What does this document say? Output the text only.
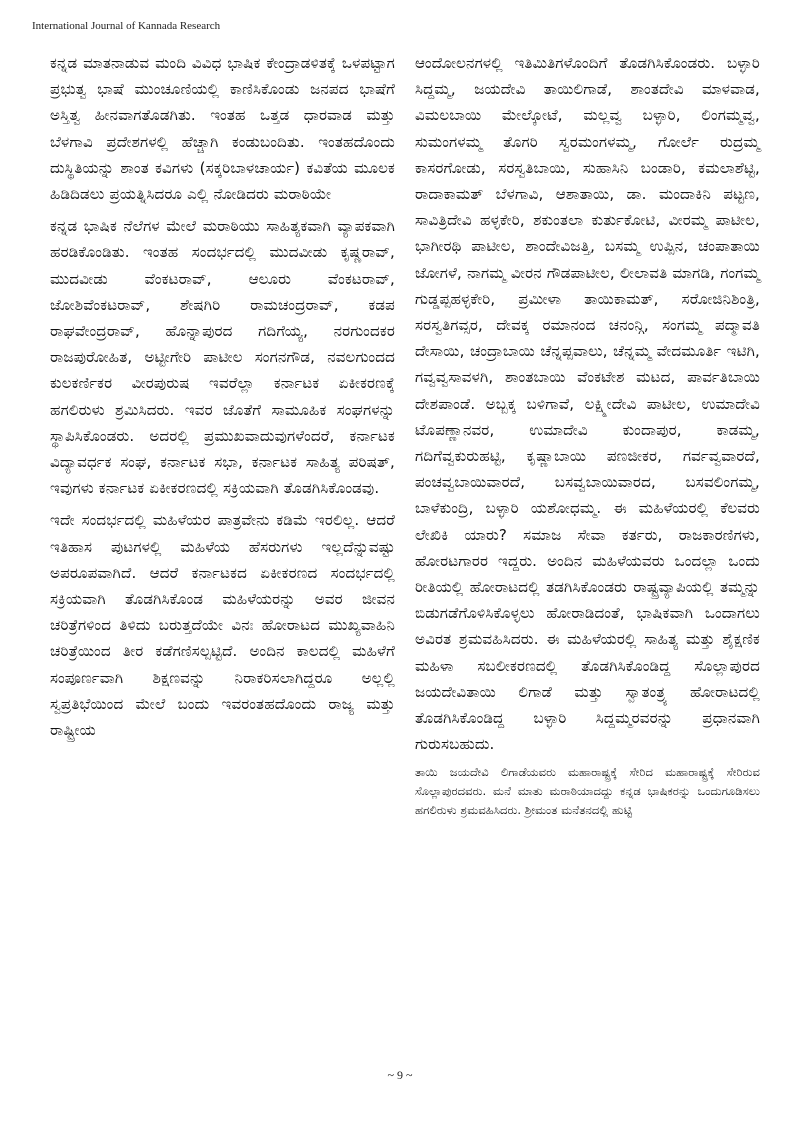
International Journal of Kannada Research

ಕನ್ನಡ ಮಾತನಾಡುವ ಮಂದಿ ವಿವಿಧ ಭಾಷಿಕ ಕೇಂದ್ರಾಡಳಿತಕ್ಕೆ ಒಳಪಟ್ಟಾಗ ಪ್ರಭುತ್ವ ಭಾಷೆ ಮುಂಚೂಣಿಯಲ್ಲಿ ಕಾಣಿಸಿಕೊಂಡು ಜನಪದ ಭಾಷೆಗೆ ಅಸ್ತಿತ್ವ ಹೀನವಾಗತೊಡಗಿತು. ಇಂತಹ ಒತ್ತಡ ಧಾರವಾಡ ಮತ್ತು ಬೆಳಗಾವಿ ಪ್ರದೇಶಗಳಲ್ಲಿ ಹೆಚ್ಚಾಗಿ ಕಂಡುಬಂದಿತು. ಇಂತಹದೊಂದು ದುಸ್ಥಿತಿಯನ್ನು ಶಾಂತ ಕವಿಗಳು (ಸಕ್ಕರಿಬಾಳಚಾರ್ಯ) ಕವಿತೆಯ ಮೂಲಕ ಹಿಡಿದಿಡಲು ಪ್ರಯತ್ನಿಸಿದರೂ ಎಲ್ಲಿ ನೋಡಿದರು ಮರಾಠಿಯೇ

ಕನ್ನಡ ಭಾಷಿಕ ನೆಲೆಗಳ ಮೇಲೆ ಮರಾಠಿಯು ಸಾಹಿತ್ಯಕವಾಗಿ ವ್ಯಾಪಕವಾಗಿ ಹರಡಿಕೊಂಡಿತು. ಇಂತಹ ಸಂದರ್ಭದಲ್ಲಿ ಮುದವೀಡು ಕೃಷ್ಣರಾವ್, ಮುದವೀಡು ವೆಂಕಟರಾವ್, ಆಲೂರು ವೆಂಕಟರಾವ್, ಜೋಶಿವೆಂಕಟರಾವ್, ಶೇಷಗಿರಿ ರಾಮಚಂದ್ರರಾವ್, ಕಡಪ ರಾಘವೇಂದ್ರರಾವ್, ಹೊನ್ನಾಪುರದ ಗದಿಗೆಯ್ಯ, ನರಗುಂದಕರ ರಾಜಪುರೋಹಿತ, ಅಟ್ಟೀಗೇರಿ ಪಾಟೀಲ ಸಂಗನಗೌಡ, ನವಲಗುಂದದ ಕುಲಕರ್ಣಿಕರ ವೀರಪುರುಷ ಇವರೆಲ್ಲಾ ಕರ್ನಾಟಕ ಏಕೀಕರಣಕ್ಕೆ ಹಗಲಿರುಳು ಶ್ರಮಿಸಿದರು. ಇವರ ಜೊತೆಗೆ ಸಾಮೂಹಿಕ ಸಂಘಗಳನ್ನು ಸ್ಥಾಪಿಸಿಕೊಂಡರು. ಅದರಲ್ಲಿ ಪ್ರಮುಖವಾದುವುಗಳೆಂದರೆ, ಕರ್ನಾಟಕ ವಿದ್ಯಾವರ್ಧಕ ಸಂಘ, ಕರ್ನಾಟಕ ಸಭಾ, ಕರ್ನಾಟಕ ಸಾಹಿತ್ಯ ಪರಿಷತ್, ಇವುಗಳು ಕರ್ನಾಟಕ ಏಕೀಕರಣದಲ್ಲಿ ಸಕ್ರಿಯವಾಗಿ ತೊಡಗಿಸಿಕೊಂಡವು.

ಇದೇ ಸಂದರ್ಭದಲ್ಲಿ ಮಹಿಳೆಯರ ಪಾತ್ರವೇನು ಕಡಿಮೆ ಇರಲಿಲ್ಲ. ಆದರೆ ಇತಿಹಾಸ ಪುಟಗಳಲ್ಲಿ ಮಹಿಳೆಯ ಹೆಸರುಗಳು ಇಲ್ಲದೆನ್ನುವಷ್ಟು ಅಪರೂಪವಾಗಿದೆ. ಆದರೆ ಕರ್ನಾಟಕದ ಏಕೀಕರಣದ ಸಂದರ್ಭದಲ್ಲಿ ಸಕ್ರಿಯವಾಗಿ ತೊಡಗಿಸಿಕೊಂಡ ಮಹಿಳೆಯರನ್ನು ಅವರ ಜೀವನ ಚರಿತ್ರೆಗಳಿಂದ ತಿಳಿದು ಬರುತ್ತದೆಯೇ ವಿನಃ ಹೋರಾಟದ ಮುಖ್ಯವಾಹಿನಿ ಚರಿತ್ರೆಯಿಂದ ತೀರ ಕಡೆಗಣಿಸಲ್ಪಟ್ಟಿದೆ. ಅಂದಿನ ಕಾಲದಲ್ಲಿ ಮಹಿಳೆಗೆ ಸಂಪೂರ್ಣವಾಗಿ ಶಿಕ್ಷಣವನ್ನು ನಿರಾಕರಿಸಲಾಗಿದ್ದರೂ ಅಲ್ಲಲ್ಲಿ ಸ್ವಪ್ರತಿಭೆಯಿಂದ ಮೇಲೆ ಬಂದು ಇವರಂತಹದೊಂದು ರಾಜ್ಯ ಮತ್ತು ರಾಷ್ಟ್ರೀಯ

ಆಂದೋಲನಗಳಲ್ಲಿ ಇತಿಮಿತಿಗಳೊಂದಿಗೆ ತೊಡಗಿಸಿಕೊಂಡರು. ಬಳ್ಳಾರಿ ಸಿದ್ದಮ್ಮ, ಜಯದೇವಿ ತಾಯಿಲಿಗಾಡೆ, ಶಾಂತದೇವಿ ಮಾಳವಾಡ, ವಿಮಲಬಾಯಿ ಮೇಲ್ಕೋಟೆ, ಮಲ್ಲವ್ವ ಬಳ್ಳಾರಿ, ಲಿಂಗಮ್ಮವ್ವ, ಸುಮಂಗಳಮ್ಮ ತೊಗರಿ ಸ್ವರಮಂಗಳಮ್ಮ, ಗೋರ್ಲೆ ರುದ್ರಮ್ಮ ಕಾಸರಗೋಡು, ಸರಸ್ವತಿಬಾಯಿ, ಸುಹಾಸಿನಿ ಬಂಡಾರಿ, ಕಮಲಾಶೆಟ್ಟಿ, ರಾದಾಕಾಮತ್ ಬೆಳಗಾವಿ, ಆಶಾತಾಯಿ, ಡಾ. ಮಂದಾಕಿನಿ ಪಟ್ಟಣ, ಸಾವಿತ್ರಿದೇವಿ ಹಳ್ಳಕೇರಿ, ಶಕುಂತಲಾ ಕುರ್ತುಕೋಟಿ, ವೀರಮ್ಮ ಪಾಟೀಲ, ಭಾಗೀರಥಿ ಪಾಟೀಲ, ಶಾಂದೇವಿಜತ್ತಿ, ಬಸಮ್ಮ ಉಪ್ಪಿನ, ಚಂಪಾತಾಯಿ ಜೋಗಳೆ, ನಾಗಮ್ಮ ವೀರನ ಗೌಡಪಾಟೀಲ, ಲೀಲಾವತಿ ಮಾಗಡಿ, ಗಂಗಮ್ಮ ಗುಡ್ಡಪ್ಪಹಳ್ಳಕೇರಿ, ಪ್ರಮೀಳಾ ತಾಯಿಕಾಮತ್, ಸರೋಜಿನಿಶಿಂತ್ರಿ, ಸರಸ್ವತಿಗವ್ಸರ, ದೇವಕ್ಕ ರಮಾನಂದ ಚನಂನ್ಗಿ, ಸಂಗಮ್ಮ ಪದ್ಮಾವತಿ ದೇಸಾಯಿ, ಚಂದ್ರಾಬಾಯಿ ಚೆನ್ನಪ್ಪವಾಲು, ಚೆನ್ನಮ್ಮ ವೇದಮೂರ್ತಿ ಇಟಿಗಿ, ಗವ್ವವ್ವಸಾವಳಗಿ, ಶಾಂತಬಾಯಿ ವೆಂಕಟೇಶ ಮಟದ, ಪಾರ್ವತಿಬಾಯಿ ದೇಶಪಾಂಡೆ. ಅಬ್ಬಕ್ಕ ಬಳಿಗಾವೆ, ಲಕ್ಷ್ಮೀದೇವಿ ಪಾಟೀಲ, ಉಮಾದೇವಿ ಟೊಪಣ್ಣಾನವರ, ಉಮಾದೇವಿ ಕುಂದಾಪುರ, ಕಾಡಮ್ಮ, ಗದಿಗೆವ್ವಕುರುಹಟ್ಟಿ, ಕೃಷ್ಣಾಬಾಯಿ ಪಣಜೀಕರ, ಗರ್ವವ್ವವಾರದೆ, ಪಂಚವ್ವಬಾಯಿವಾರದೆ, ಬಸವ್ವಬಾಯಿವಾರದ, ಬಸವಲಿಂಗಮ್ಮ, ಬಾಳೆಕುಂದ್ರಿ, ಬಳ್ಳಾರಿ ಯಶೋಧಮ್ಮ. ಈ ಮಹಿಳೆಯರಲ್ಲಿ ಕೆಲವರು ಲೇಖಿಕಿ ಯಾರು? ಸಮಾಜ ಸೇವಾ ಕರ್ತರು, ರಾಜಕಾರಣಿಗಳು, ಹೋರಟಗಾರರ ಇದ್ದರು. ಅಂದಿನ ಮಹಿಳೆಯವರು ಒಂದಲ್ಲಾ ಒಂದು ರೀತಿಯಲ್ಲಿ ಹೋರಾಟದಲ್ಲಿ ತಡಗಿಸಿಕೊಂಡರು ರಾಷ್ಟ್ರವ್ಯಾಪಿಯಲ್ಲಿ ತಮ್ಮನ್ನು ಬಿಡುಗಡೆಗೊಳಿಸಿಕೊಳ್ಳಲು ಹೋರಾಡಿದಂತೆ, ಭಾಷಿಕವಾಗಿ ಒಂದಾಗಲು ಅವಿರತ ಶ್ರಮವಹಿಸಿದರು. ಈ ಮಹಿಳೆಯರಲ್ಲಿ ಸಾಹಿತ್ಯ ಮತ್ತು ಶೈಕ್ಷಣಿಕ ಮಹಿಳಾ ಸಬಲೀಕರಣದಲ್ಲಿ ತೊಡಗಿಸಿಕೊಂಡಿದ್ದ ಸೊಲ್ಲಾಪುರದ ಜಯದೇವಿತಾಯಿ ಲಿಗಾಡೆ ಮತ್ತು ಸ್ವಾತಂತ್ರ್ಯ ಹೋರಾಟದಲ್ಲಿ ತೊಡಗಿಸಿಕೊಂಡಿದ್ದ ಬಳ್ಳಾರಿ ಸಿದ್ದಮ್ಮರವರನ್ನು ಪ್ರಧಾನವಾಗಿ ಗುರುಸಬಹುದು.

ತಾಯಿ ಜಯದೇವಿ ಲಿಗಾಡೆಯವರು ಮಹಾರಾಷ್ಟ್ರಕ್ಕೆ ಸೇರಿದ ಮಹಾರಾಷ್ಟ್ರಕ್ಕೆ ಸೇರಿರುವ ಸೊಲ್ಲಾಪುರದವರು. ಮನೆ ಮಾತು ಮರಾಠಿಯಾದದ್ದು ಕನ್ನಡ ಭಾಷಿಕರನ್ನು ಒಂದುಗೂಡಿಸಲು ಹಗಲಿರುಳು ಶ್ರಮವಹಿಸಿದರು. ಶ್ರೀಮಂತ ಮನೆತನದಲ್ಲಿ ಹುಟ್ಟಿ

~ 9 ~
